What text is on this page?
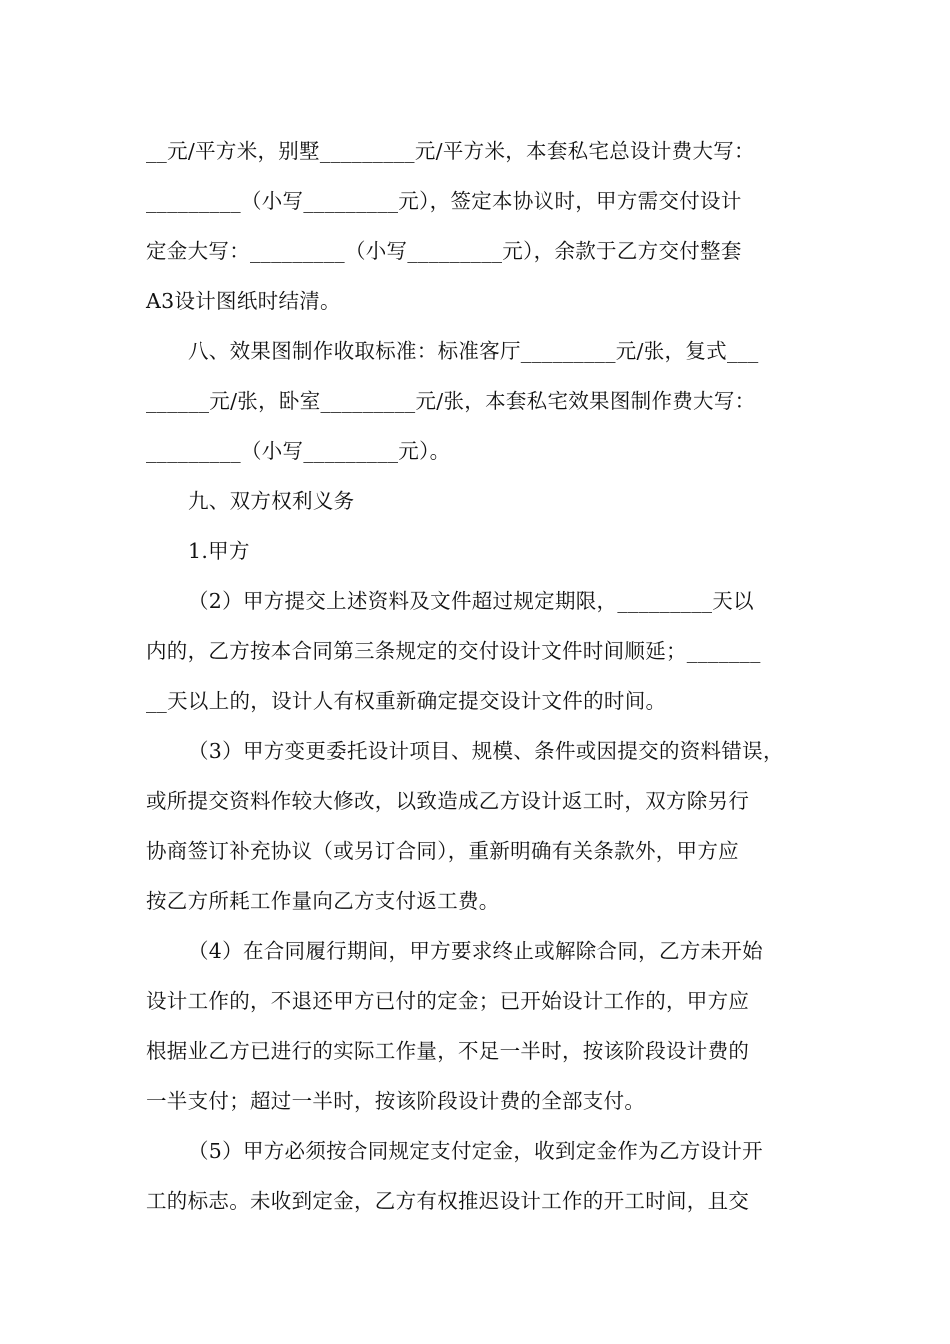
__元/平方米，别墅_________元/平方米，本套私宅总设计费大写：
_________（小写_________元），签定本协议时，甲方需交付设计
定金大写：_________（小写_________元），余款于乙方交付整套
A3设计图纸时结清。
八、效果图制作收取标准：标准客厅_________元/张，复式___
______元/张，卧室_________元/张，本套私宅效果图制作费大写：
_________（小写_________元）。
九、双方权利义务
1.甲方
（2）甲方提交上述资料及文件超过规定期限，_________天以
内的，乙方按本合同第三条规定的交付设计文件时间顺延；_______
__天以上的，设计人有权重新确定提交设计文件的时间。
（3）甲方变更委托设计项目、规模、条件或因提交的资料错误，
或所提交资料作较大修改，以致造成乙方设计返工时，双方除另行
协商签订补充协议（或另订合同），重新明确有关条款外，甲方应
按乙方所耗工作量向乙方支付返工费。
（4）在合同履行期间，甲方要求终止或解除合同，乙方未开始
设计工作的，不退还甲方已付的定金；已开始设计工作的，甲方应
根据业乙方已进行的实际工作量，不足一半时，按该阶段设计费的
一半支付；超过一半时，按该阶段设计费的全部支付。
（5）甲方必须按合同规定支付定金，收到定金作为乙方设计开
工的标志。未收到定金，乙方有权推迟设计工作的开工时间，且交
